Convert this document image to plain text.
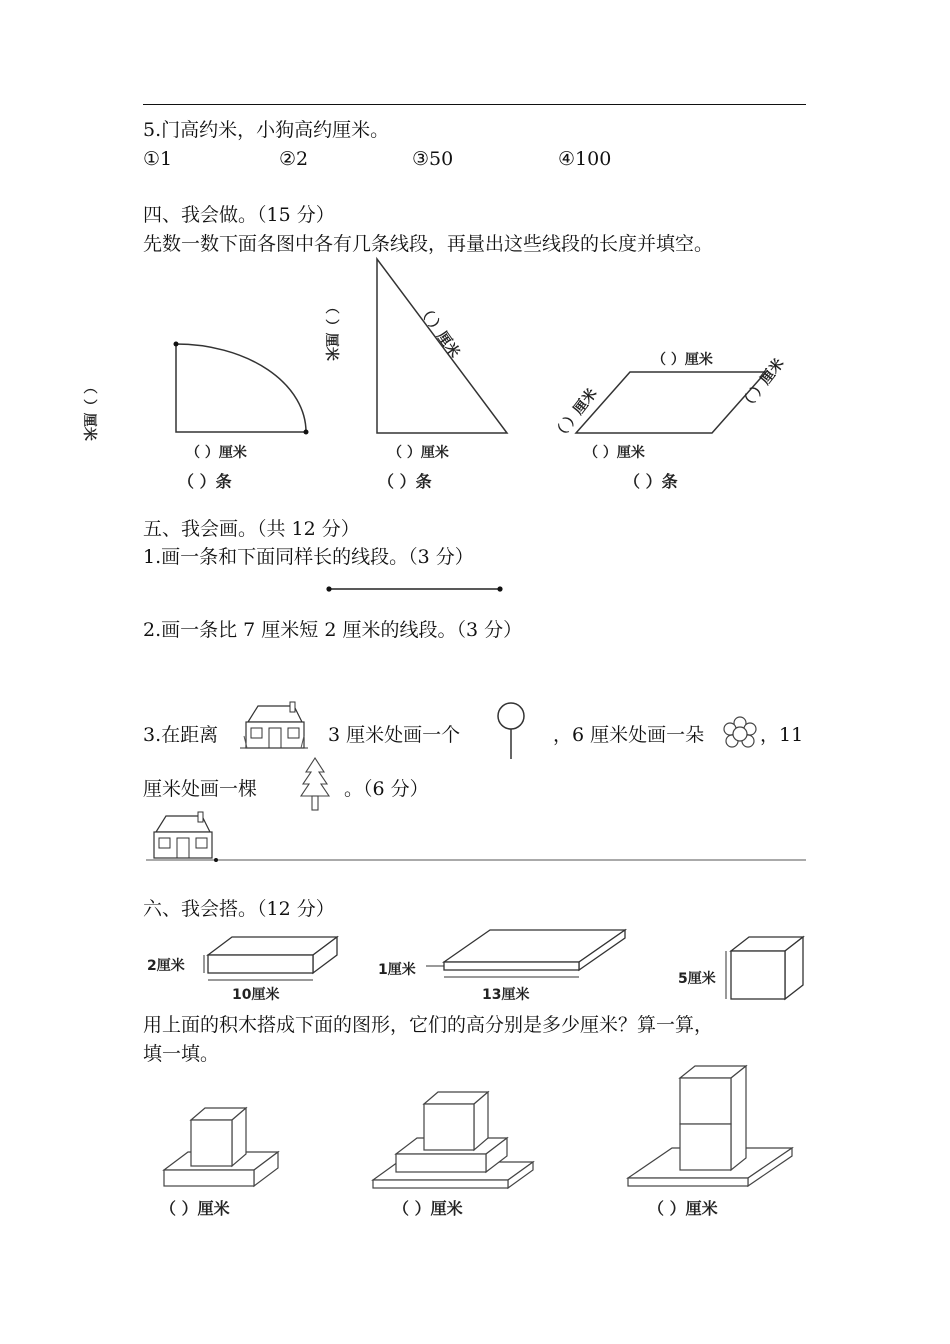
5.门高约米，小狗高约厘米。
①1	②2	③50	④100
四、我会做。（15 分）
先数一数下面各图中各有几条线段，再量出这些线段的长度并填空。
（ ）厘米
（ ）厘米
（ ）条
（ ）厘米	（ ）厘米
（ ）厘米
（ ）条
（ ）厘米
（ ）厘米
（ ）厘米
（ ）厘米
（ ）条
五、我会画。（共 12 分）
1.画一条和下面同样长的线段。（3 分）
2.画一条比 7 厘米短 2 厘米的线段。（3 分）
3.在距离	3 厘米处画一个	，6 厘米处画一朵	，11
厘米处画一棵	。（6 分）
六、我会搭。（12 分）
2厘米
10厘米
1厘米
13厘米
5厘米
用上面的积木搭成下面的图形，它们的高分别是多少厘米？算一算，
填一填。
（ ）厘米	（ ）厘米	（ ）厘米
